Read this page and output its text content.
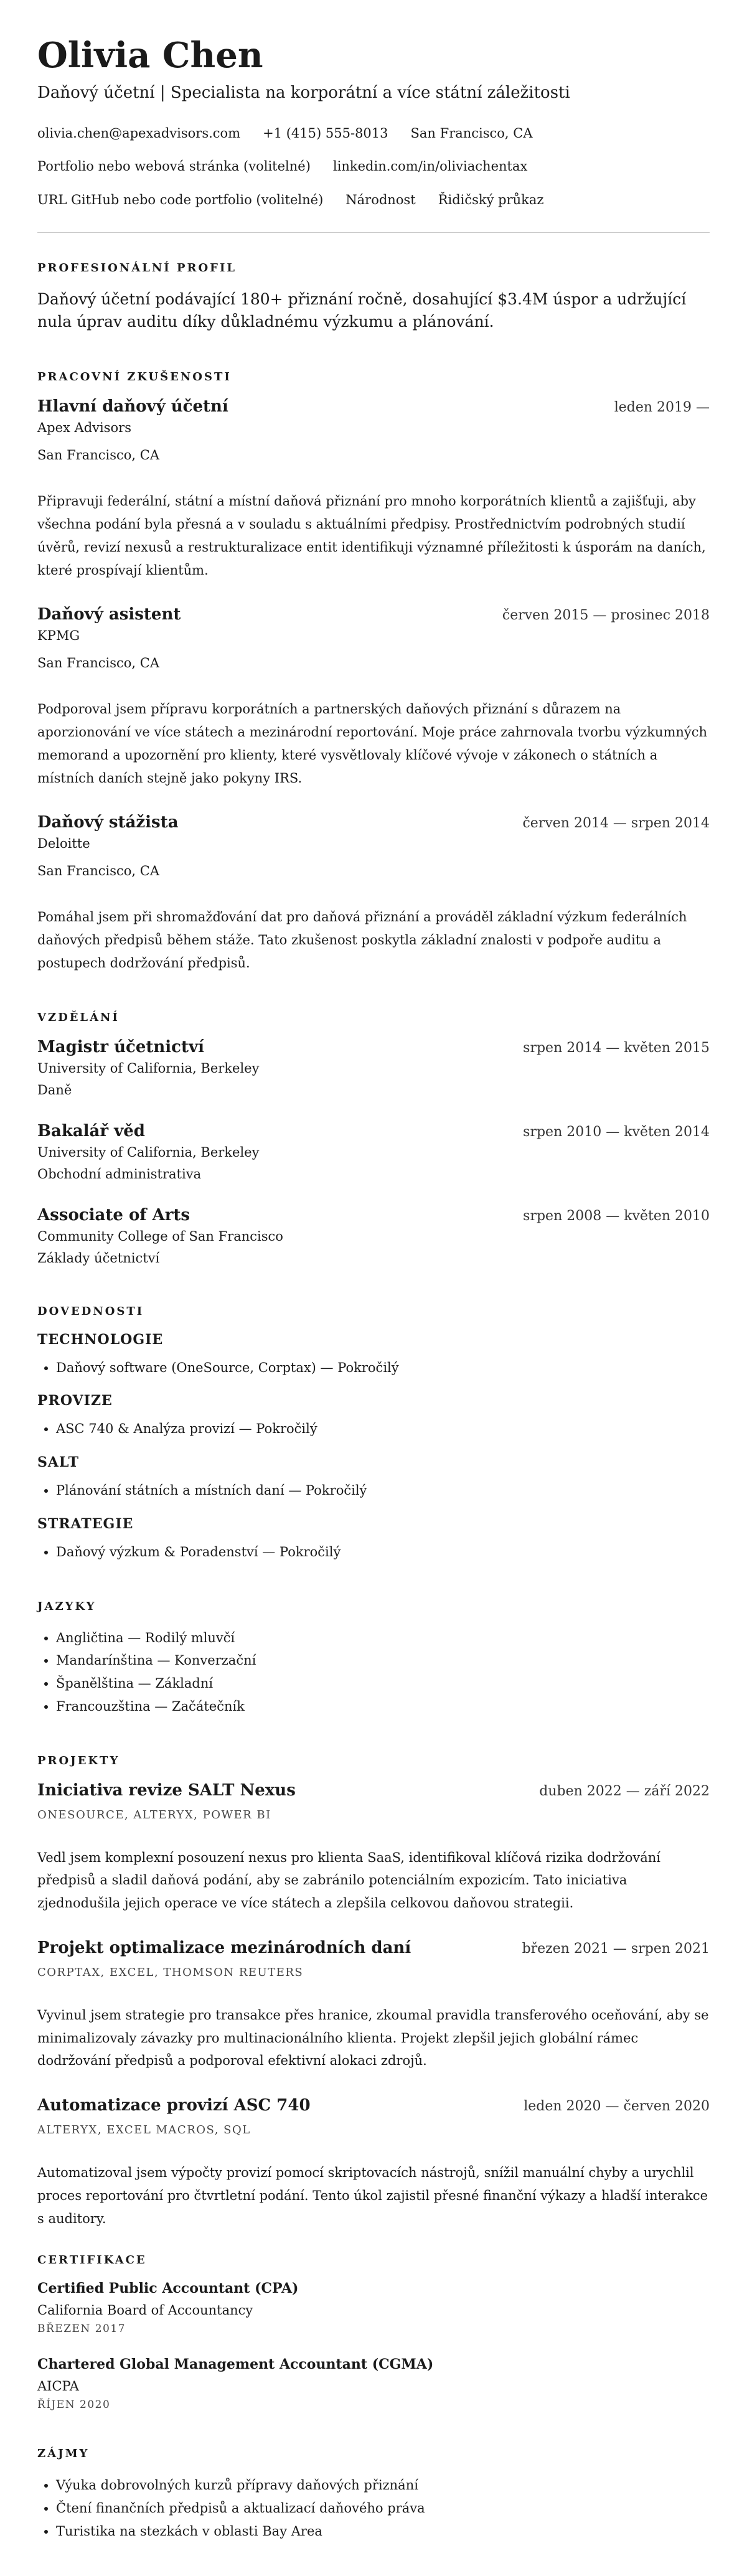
Olivia Chen
Daňový účetní | Specialista na korporátní a více státní záležitosti
olivia.chen@apexadvisors.com +1 (415) 555-8013 San Francisco, CA
Portfolio nebo webová stránka (volitelné) linkedin.com/in/oliviachentax
URL GitHub nebo code portfolio (volitelné) Národnost Řidičský průkaz
PROFESIONÁLNÍ PROFIL

Daňový účetní podávající 180+ přiznání ročně, dosahující $3.4M úspor a udržující nula úprav auditu díky důkladnému výzkumu a plánování.

PRACOVNÍ ZKUŠENOSTI
Hlavní daňový účetní	leden 2019 —
Apex Advisors
San Francisco, CA

Připravuji federální, státní a místní daňová přiznání pro mnoho korporátních klientů a zajišťuji, aby všechna podání byla přesná a v souladu s aktuálními předpisy. Prostřednictvím podrobných studií úvěrů, revizí nexusů a restrukturalizace entit identifikuji významné příležitosti k úsporám na daních, které prospívají klientům.

Daňový asistent	červen 2015 — prosinec 2018
KPMG
San Francisco, CA

Podporoval jsem přípravu korporátních a partnerských daňových přiznání s důrazem na aporzionování ve více státech a mezinárodní reportování. Moje práce zahrnovala tvorbu výzkumných memorand a upozornění pro klienty, které vysvětlovaly klíčové vývoje v zákonech o státních a místních daních stejně jako pokyny IRS.

Daňový stážista	červen 2014 — srpen 2014
Deloitte
San Francisco, CA

Pomáhal jsem při shromažďování dat pro daňová přiznání a prováděl základní výzkum federálních daňových předpisů během stáže. Tato zkušenost poskytla základní znalosti v podpoře auditu a postupech dodržování předpisů.

VZDĚLÁNÍ
Magistr účetnictví	srpen 2014 — květen 2015
University of California, Berkeley
Daně
Bakalář věd	srpen 2010 — květen 2014
University of California, Berkeley
Obchodní administrativa
Associate of Arts	srpen 2008 — květen 2010
Community College of San Francisco
Základy účetnictví
DOVEDNOSTI
TECHNOLOGIE
• Daňový software (OneSource, Corptax) — Pokročilý
PROVIZE
• ASC 740 & Analýza provizí — Pokročilý
SALT
• Plánování státních a místních daní — Pokročilý
STRATEGIE
• Daňový výzkum & Poradenství — Pokročilý
JAZYKY
• Angličtina — Rodilý mluvčí
• Mandarínština — Konverzační
• Španělština — Základní
• Francouzština — Začátečník
PROJEKTY
Iniciativa revize SALT Nexus	duben 2022 — září 2022
ONESOURCE, ALTERYX, POWER BI

Vedl jsem komplexní posouzení nexus pro klienta SaaS, identifikoval klíčová rizika dodržování předpisů a sladil daňová podání, aby se zabránilo potenciálním expozicím. Tato iniciativa zjednodušila jejich operace ve více státech a zlepšila celkovou daňovou strategii.

Projekt optimalizace mezinárodních daní	březen 2021 — srpen 2021
CORPTAX, EXCEL, THOMSON REUTERS

Vyvinul jsem strategie pro transakce přes hranice, zkoumal pravidla transferového oceňování, aby se minimalizovaly závazky pro multinacionálního klienta. Projekt zlepšil jejich globální rámec dodržování předpisů a podporoval efektivní alokaci zdrojů.

Automatizace provizí ASC 740	leden 2020 — červen 2020
ALTERYX, EXCEL MACROS, SQL

Automatizoval jsem výpočty provizí pomocí skriptovacích nástrojů, snížil manuální chyby a urychlil proces reportování pro čtvrtletní podání. Tento úkol zajistil přesné finanční výkazy a hladší interakce s auditory.

CERTIFIKACE
Certified Public Accountant (CPA)
California Board of Accountancy
BŘEZEN 2017
Chartered Global Management Accountant (CGMA)
AICPA
ŘÍJEN 2020
ZÁJMY
• Výuka dobrovolných kurzů přípravy daňových přiznání
• Čtení finančních předpisů a aktualizací daňového práva
• Turistika na stezkách v oblasti Bay Area
